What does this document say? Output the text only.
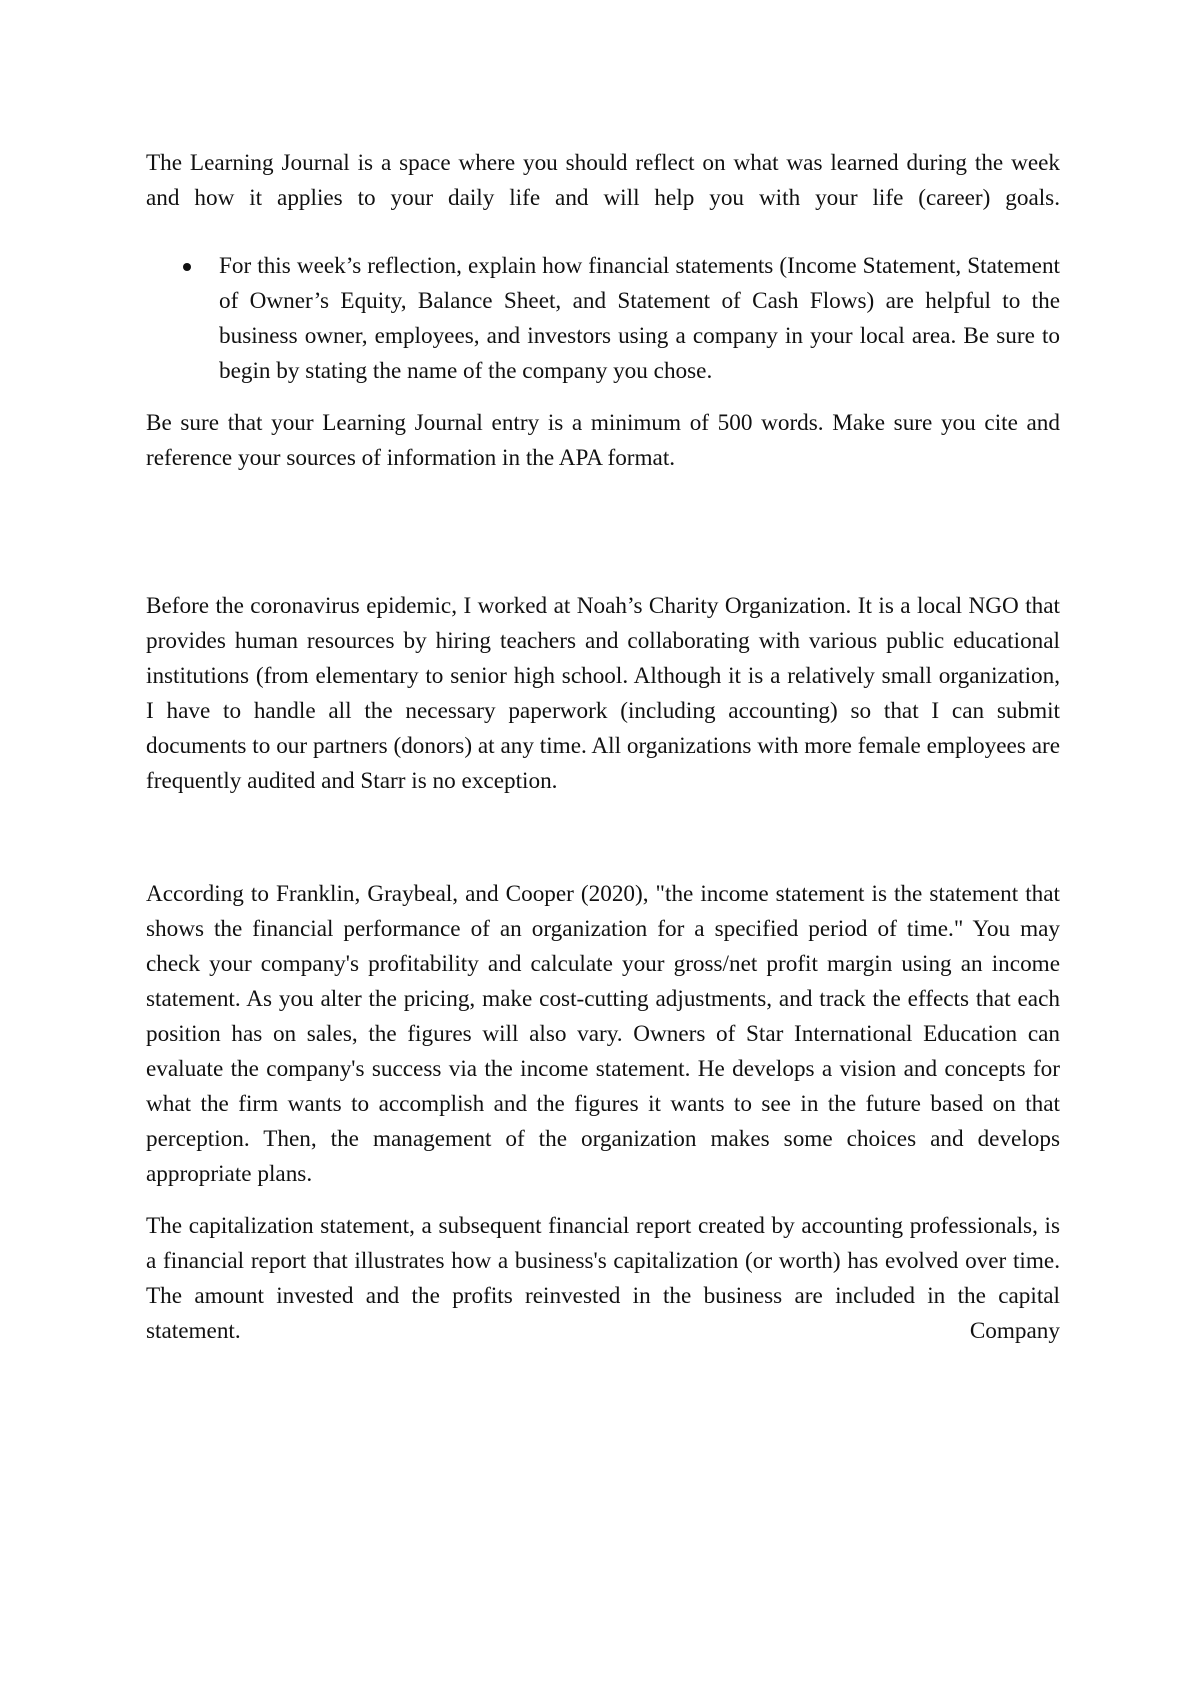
The Learning Journal is a space where you should reflect on what was learned during the week and how it applies to your daily life and will help you with your life (career) goals.

For this week’s reflection, explain how financial statements (Income Statement, Statement of Owner’s Equity, Balance Sheet, and Statement of Cash Flows) are helpful to the business owner, employees, and investors using a company in your local area. Be sure to begin by stating the name of the company you chose.

Be sure that your Learning Journal entry is a minimum of 500 words. Make sure you cite and reference your sources of information in the APA format.

Before the coronavirus epidemic, I worked at Noah’s Charity Organization. It is a local NGO that provides human resources by hiring teachers and collaborating with various public educational institutions (from elementary to senior high school. Although it is a relatively small organization, I have to handle all the necessary paperwork (including accounting) so that I can submit documents to our partners (donors) at any time. All organizations with more female employees are frequently audited and Starr is no exception.

According to Franklin, Graybeal, and Cooper (2020), "the income statement is the statement that shows the financial performance of an organization for a specified period of time." You may check your company's profitability and calculate your gross/net profit margin using an income statement. As you alter the pricing, make cost-cutting adjustments, and track the effects that each position has on sales, the figures will also vary. Owners of Star International Education can evaluate the company's success via the income statement. He develops a vision and concepts for what the firm wants to accomplish and the figures it wants to see in the future based on that perception. Then, the management of the organization makes some choices and develops appropriate plans.

The capitalization statement, a subsequent financial report created by accounting professionals, is a financial report that illustrates how a business's capitalization (or worth) has evolved over time. The amount invested and the profits reinvested in the business are included in the capital statement. Company
